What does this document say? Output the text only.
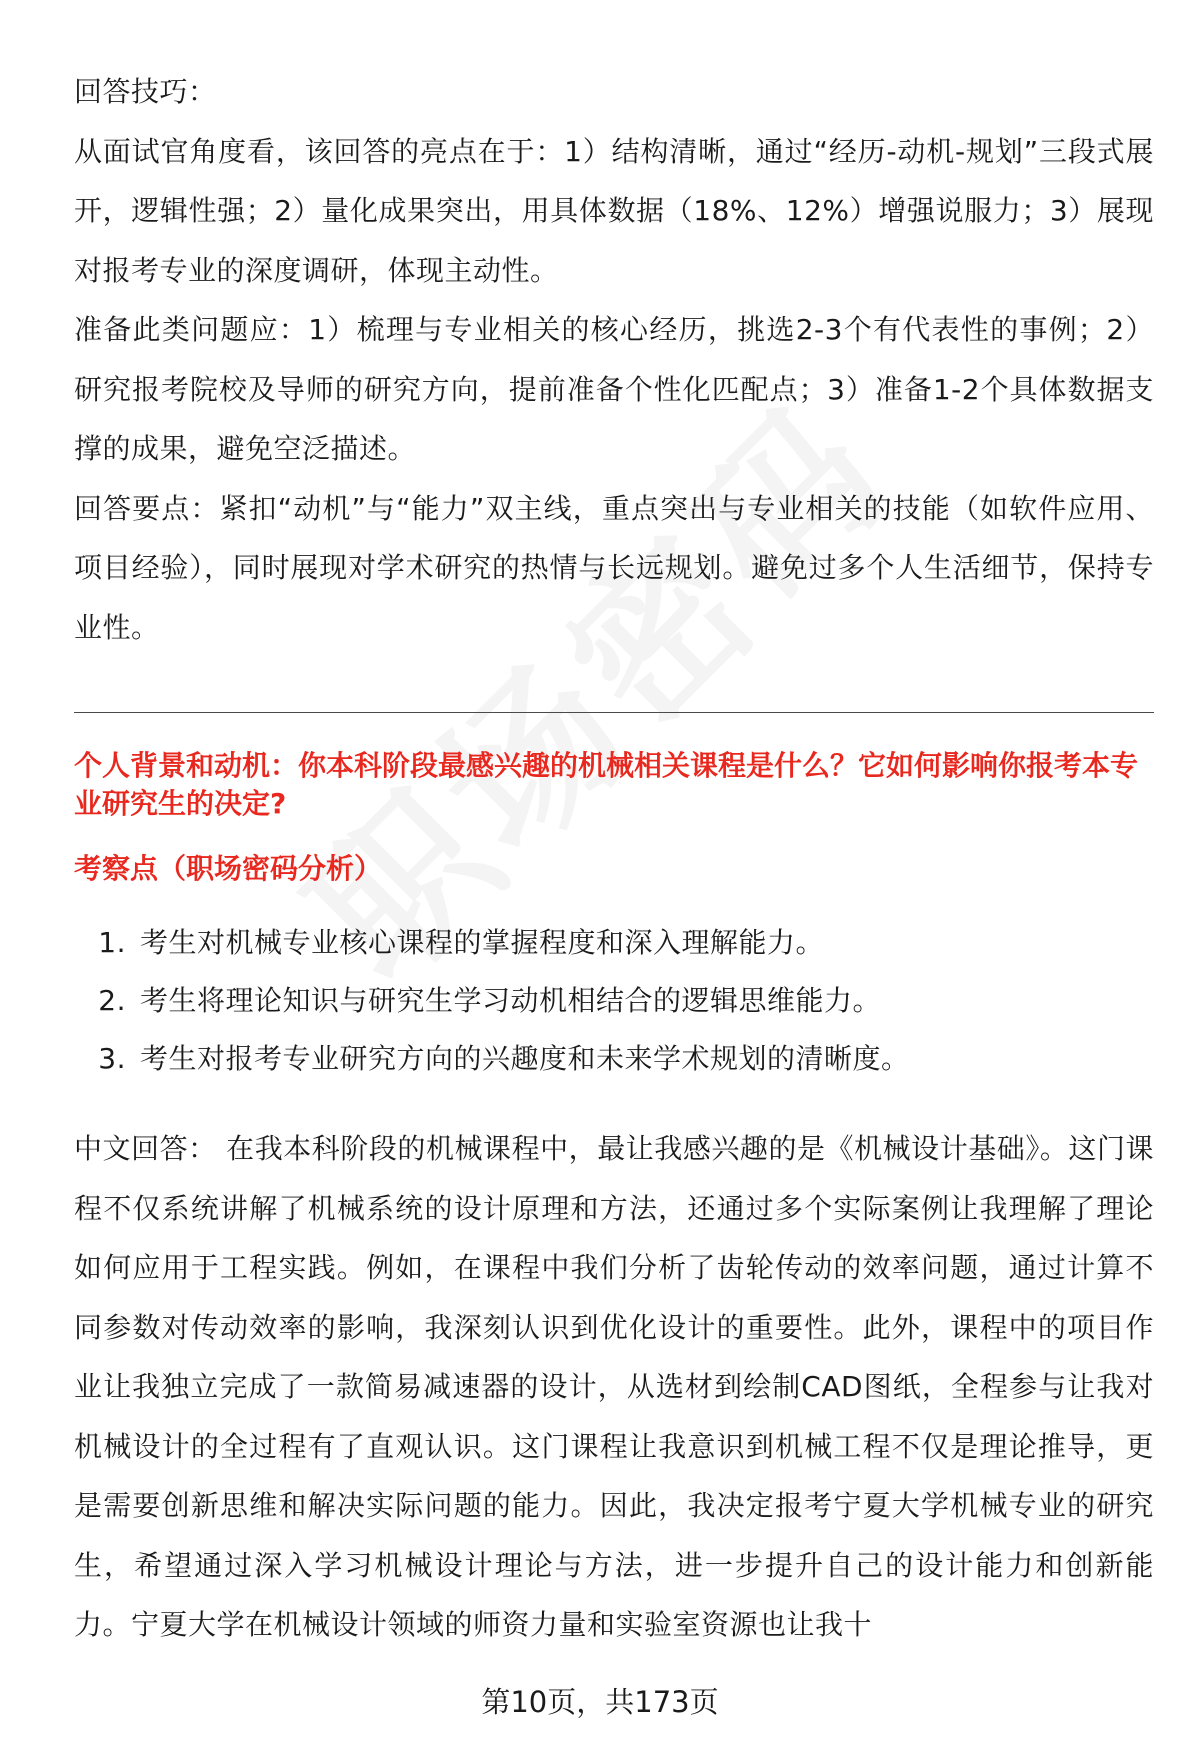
回答技巧：

从面试官角度看，该回答的亮点在于：1）结构清晰，通过“经历-动机-规划”三段式展开，逻辑性强；2）量化成果突出，用具体数据（18%、12%）增强说服力；3）展现对报考专业的深度调研，体现主动性。

准备此类问题应：1）梳理与专业相关的核心经历，挑选2-3个有代表性的事例；2）研究报考院校及导师的研究方向，提前准备个性化匹配点；3）准备1-2个具体数据支撑的成果，避免空泛描述。

回答要点：紧扣“动机”与“能力”双主线，重点突出与专业相关的技能（如软件应用、项目经验），同时展现对学术研究的热情与长远规划。避免过多个人生活细节，保持专业性。

个人背景和动机：你本科阶段最感兴趣的机械相关课程是什么？它如何影响你报考本专业研究生的决定?
考察点（职场密码分析）
1. 考生对机械专业核心课程的掌握程度和深入理解能力。
2. 考生将理论知识与研究生学习动机相结合的逻辑思维能力。
3. 考生对报考专业研究方向的兴趣度和未来学术规划的清晰度。

中文回答： 在我本科阶段的机械课程中，最让我感兴趣的是《机械设计基础》。这门课程不仅系统讲解了机械系统的设计原理和方法，还通过多个实际案例让我理解了理论如何应用于工程实践。例如，在课程中我们分析了齿轮传动的效率问题，通过计算不同参数对传动效率的影响，我深刻认识到优化设计的重要性。此外，课程中的项目作业让我独立完成了一款简易减速器的设计，从选材到绘制CAD图纸，全程参与让我对机械设计的全过程有了直观认识。这门课程让我意识到机械工程不仅是理论推导，更是需要创新思维和解决实际问题的能力。因此，我决定报考宁夏大学机械专业的研究生，希望通过深入学习机械设计理论与方法，进一步提升自己的设计能力和创新能力。宁夏大学在机械设计领域的师资力量和实验室资源也让我十

第10页，共173页
